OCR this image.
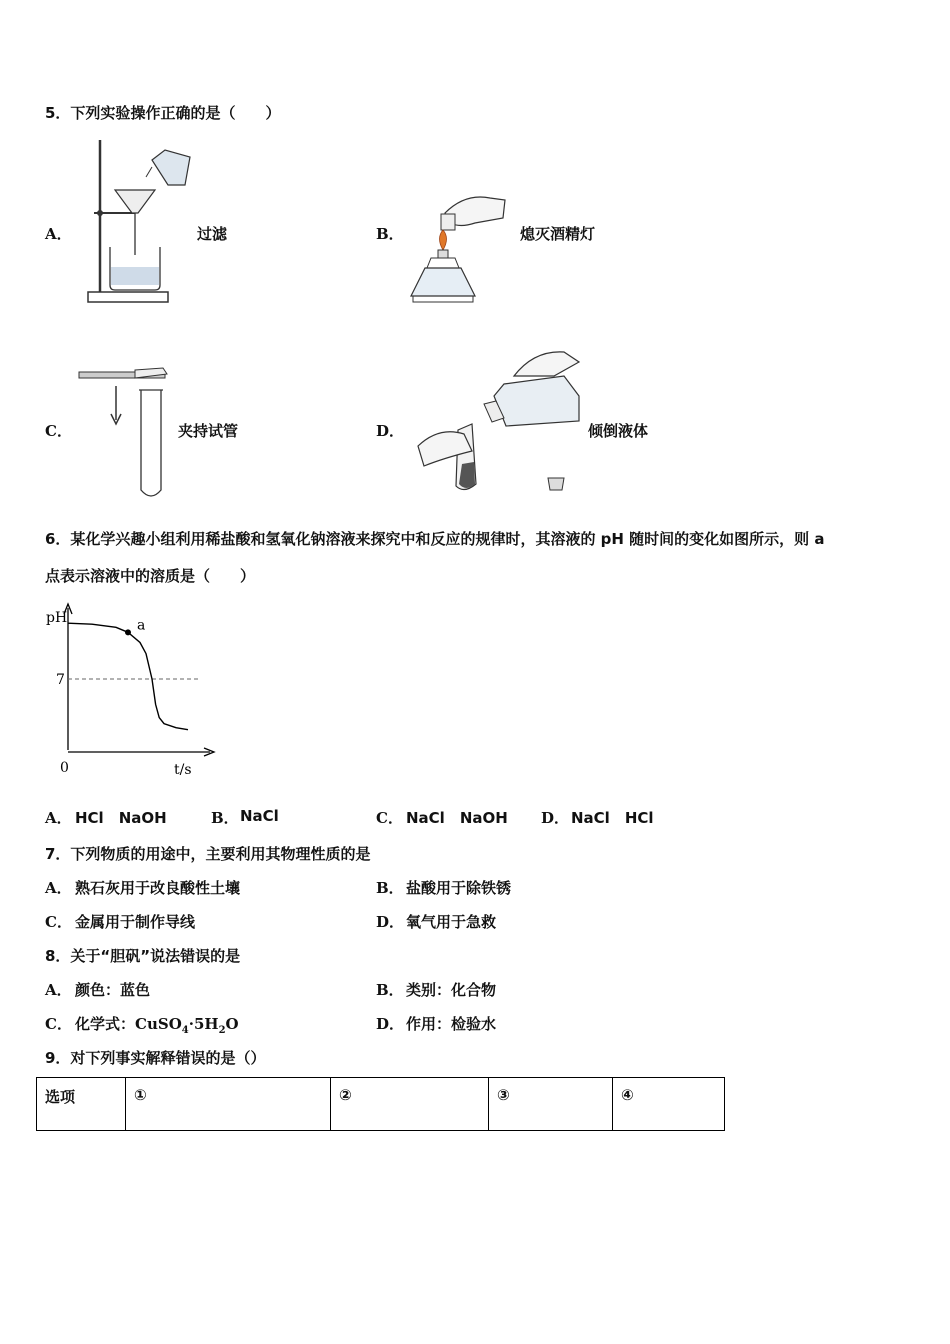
5．下列实验操作正确的是（　　）
A．	过滤	B．	熄灭酒精灯
C．	夹持试管	D．	倾倒液体
6．某化学兴趣小组利用稀盐酸和氢氧化钠溶液来探究中和反应的规律时，其溶液的 pH 随时间的变化如图所示，则 a
点表示溶液中的溶质是（　　）
a
pH
7
0	t/s
A． HCl　NaOH	B． NaCl	C． NaCl　NaOH D． NaCl　HCl
7．下列物质的用途中，主要利用其物理性质的是
A． 熟石灰用于改良酸性土壤	B． 盐酸用于除铁锈
C． 金属用于制作导线	D． 氧气用于急救
8．关于“胆矾”说法错误的是
A． 颜色：蓝色	B． 类别：化合物
C． 化学式：$CuSO_4\cdot 5H_2O$	D． 作用：检验水
9．对下列事实解释错误的是（）
选项	①	②	③	④
